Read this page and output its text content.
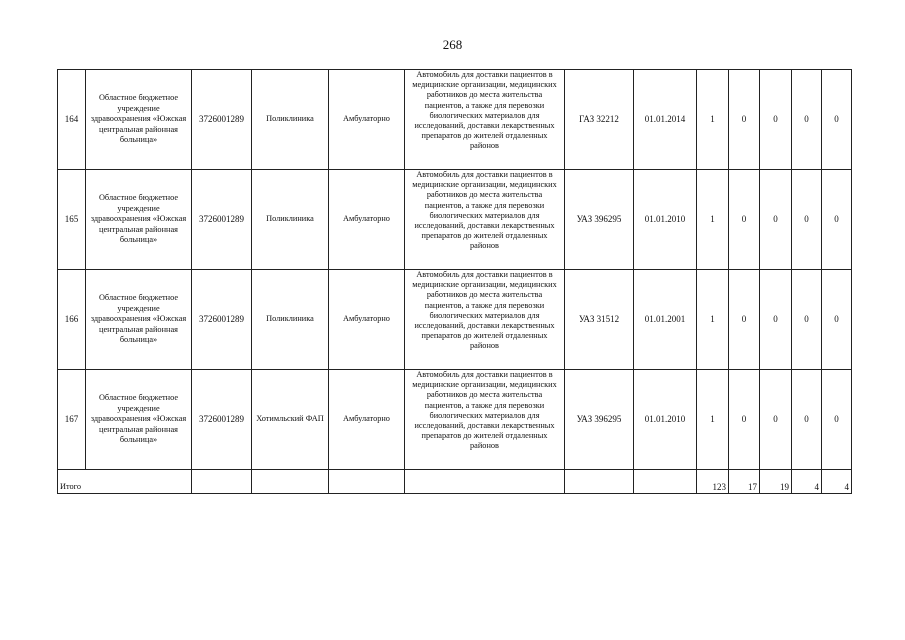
268
164	Областное бюджетное учреждение здравоохранения «Южская центральная районная больница»	3726001289	Поликлиника	Амбулаторно	Автомобиль для доставки пациентов в медицинские организации, медицинских работников до места жительства пациентов, а также для перевозки биологических материалов для исследований, доставки лекарственных препаратов до жителей отдаленных районов	ГАЗ 32212	01.01.2014	1	0	0	0	0
165	Областное бюджетное учреждение здравоохранения «Южская центральная районная больница»	3726001289	Поликлиника	Амбулаторно	Автомобиль для доставки пациентов в медицинские организации, медицинских работников до места жительства пациентов, а также для перевозки биологических материалов для исследований, доставки лекарственных препаратов до жителей отдаленных районов	УАЗ 396295	01.01.2010	1	0	0	0	0
166	Областное бюджетное учреждение здравоохранения «Южская центральная районная больница»	3726001289	Поликлиника	Амбулаторно	Автомобиль для доставки пациентов в медицинские организации, медицинских работников до места жительства пациентов, а также для перевозки биологических материалов для исследований, доставки лекарственных препаратов до жителей отдаленных районов	УАЗ 31512	01.01.2001	1	0	0	0	0
167	Областное бюджетное учреждение здравоохранения «Южская центральная районная больница»	3726001289	Хотимльский ФАП	Амбулаторно	Автомобиль для доставки пациентов в медицинские организации, медицинских работников до места жительства пациентов, а также для перевозки биологических материалов для исследований, доставки лекарственных препаратов до жителей отдаленных районов	УАЗ 396295	01.01.2010	1	0	0	0	0
Итого								123	17	19	4	4
